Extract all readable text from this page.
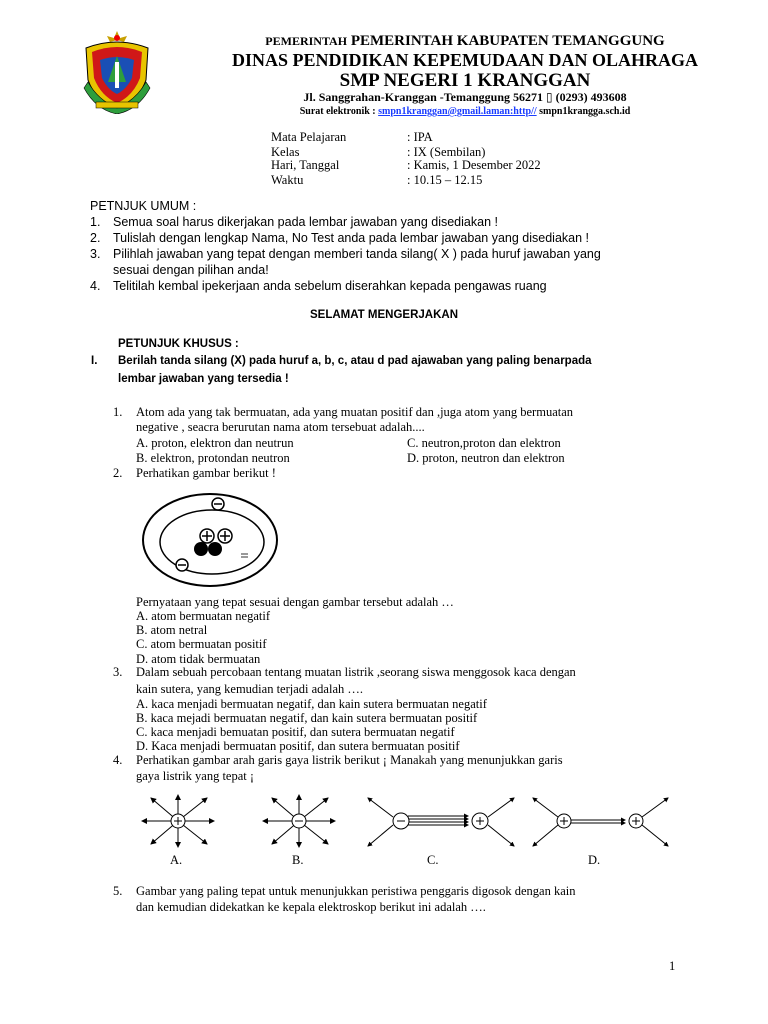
PEMERINTAH PEMERINTAH KABUPATEN TEMANGGUNG
DINAS PENDIDIKAN KEPEMUDAAN DAN OLAHRAGA
SMP NEGERI 1 KRANGGAN
Jl. Sanggrahan-Kranggan -Temanggung 56271 ▯ (0293) 493608
Surat elektronik : smpn1kranggan@gmail.laman:http// smpn1krangga.sch.id
Mata Pelajaran	: IPA
Kelas	: IX (Sembilan)
Hari, Tanggal	: Kamis, 1 Desember 2022
Waktu	: 10.15 – 12.15
PETNJUK UMUM :
1. Semua soal harus dikerjakan pada lembar jawaban yang disediakan !
2. Tulislah dengan lengkap Nama, No Test anda pada lembar jawaban yang disediakan !
3. Pilihlah jawaban yang tepat dengan memberi tanda silang( X ) pada huruf jawaban yang
sesuai dengan pilihan anda!
4. Telitilah kembal ipekerjaan anda sebelum diserahkan kepada pengawas ruang
SELAMAT MENGERJAKAN
PETUNJUK KHUSUS :
I. Berilah tanda silang (X) pada huruf a, b, c, atau d pad ajawaban yang paling benarpada
lembar jawaban yang tersedia !
1. Atom ada yang tak bermuatan, ada yang muatan positif dan ,juga atom yang bermuatan
negative , seacra berurutan nama atom tersebuat adalah....
A. proton, elektron dan neutrun	C. neutron,proton dan elektron
B. elektron, protondan neutron	D. proton, neutron dan elektron
2. Perhatikan gambar berikut !
Pernyataan yang tepat sesuai dengan gambar tersebut adalah …
A. atom bermuatan negatif
B. atom netral
C. atom bermuatan positif
D. atom tidak bermuatan
3. Dalam sebuah percobaan tentang muatan listrik ,seorang siswa menggosok kaca dengan
kain sutera, yang kemudian terjadi adalah ….
A. kaca menjadi bermuatan negatif, dan kain sutera bermuatan negatif
B. kaca mejadi bermuatan negatif, dan kain sutera bermuatan positif
C. kaca menjadi bemuatan positif, dan sutera bermuatan negatif
D. Kaca menjadi bermuatan positif, dan sutera bermuatan positif
4. Perhatikan gambar arah garis gaya listrik berikut ¡ Manakah yang menunjukkan garis
gaya listrik yang tepat ¡
A.	B.	C.	D.
5. Gambar yang paling tepat untuk menunjukkan peristiwa penggaris digosok dengan kain
dan kemudian didekatkan ke kepala elektroskop berikut ini adalah ….
1
